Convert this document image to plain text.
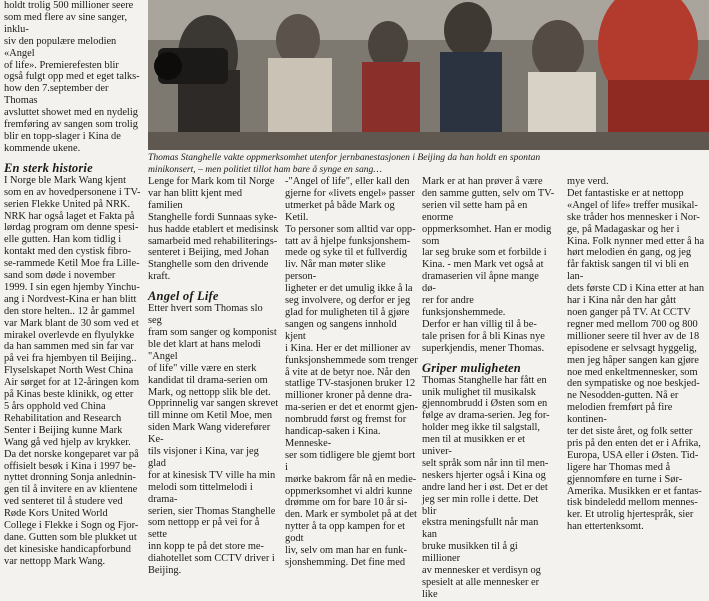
holdt trolig 500 millioner seere

som med flere av sine sanger, inklu-

siv den populære melodien «Angel

of life». Premierefesten blir

også fulgt opp med et eget talks-

how den 7.september der Thomas

avsluttet showet med en nydelig

fremføring av sangen som trolig

blir en topp-slager i Kina de

kommende ukene.

En sterk historie

I Norge ble Mark Wang kjent

som en av hovedpersonene i TV-

serien Flekke United på NRK.

NRK har også laget et Fakta på

lørdag program om denne spesi-

elle gutten. Han kom tidlig i

kontakt med den cystisk fibro-

se-rammede Ketil Moe fra Lille-

sand som døde i november

1999. I sin egen hjemby Yinchu-

ang i Nordvest-Kina er han blitt

den store helten.. 12 år gammel

var Mark blant de 30 som ved et

mirakel overlevde en flyulykke

da han sammen med sin far var

på vei fra hjembyen til Beijing..

Flyselskapet North West China

Air sørget for at 12-åringen kom

på Kinas beste klinikk, og etter

5 års opphold ved China

Rehabilitation and Research

Senter i Beijing kunne Mark

Wang gå ved hjelp av krykker.

Da det norske kongeparet var på

offisielt besøk i Kina i 1997 be-

nyttet dronning Sonja anlednin-

gen til å invitere en av klientene

ved senteret til å studere ved

Røde Kors United World

College i Flekke i Sogn og Fjor-

dane. Gutten som ble plukket ut

det kinesiske handicapforbund

var nettopp Mark Wang.

Thomas Stanghelle vakte oppmerksomhet utenfor jernbanestasjonen i Beijing da han holdt en spontan minikonsert, – men politiet tillot ham bare å synge en sang…

Lenge for Mark kom til Norge

var han blitt kjent med familien

Stanghelle fordi Sunnaas syke-

hus hadde etablert et medisinsk

samarbeid med rehabiliterings-

senteret i Beijing, med Johan

Stanghelle som den drivende

kraft.

Angel of Life

Etter hvert som Thomas slo seg

fram som sanger og komponist

ble det klart at hans melodi "Angel

of life" ville være en sterk

kandidat til drama-serien om

Mark, og nettopp slik ble det.

Opprinnelig var sangen skrevet

till minne om Ketil Moe, men

siden Mark Wang viderefører Ke-

tils visjoner i Kina, var jeg glad

for at kinesisk TV ville ha min

melodi som tittelmelodi i drama-

serien, sier Thomas Stanghelle

som nettopp er på vei for å sette

inn kopp te på det store me-

diahotellet som CCTV driver i

Beijing.

-"Angel of life", eller kall den

gjerne for «livets engel» passer

utmerket på både Mark og Ketil.

To personer som alltid var opp-

tatt av å hjelpe funksjonshem-

mede og syke til et fullverdig

liv. Når man møter slike person-

ligheter er det umulig ikke å la

seg involvere, og derfor er jeg

glad for muligheten til å gjøre

sangen og sangens innhold kjent

i Kina. Her er det millioner av

funksjonshemmede som trenger

å vite at de betyr noe. Når den

statlige TV-stasjonen bruker 12

millioner kroner på denne dra-

ma-serien er det et enormt gjen-

nombrudd først og fremst for

handicap-saken i Kina. Menneske-

ser som tidligere ble gjemt bort i

mørke bakrom får nå en medie-

oppmerksomhet vi aldri kunne

drømme om for bare 10 år si-

den. Mark er symbolet på at det

nytter å ta opp kampen for et godt

liv, selv om man har en funk-

sjonshemming. Det fine med

Mark er at han prøver å være

den samme gutten, selv om TV-

serien vil sette ham på en enorme

oppmerksomhet. Han er modig som

lar seg bruke som et forbilde i

Kina. - men Mark vet også at

dramaserien vil åpne mange dø-

rer for andre funksjonshemmede.

Derfor er han villig til å be-

tale prisen for å bli Kinas nye

superkjendis, mener Thomas.

Griper muligheten

Thomas Stanghelle har fått en

unik mulighet til musikalsk

gjennombrudd i Østen som en

følge av drama-serien. Jeg for-

holder meg ikke til salgstall,

men til at musikken er et univer-

selt språk som når inn til men-

neskers hjerter også i Kina og

andre land her i øst. Det er det

jeg ser min rolle i dette. Det blir

ekstra meningsfullt når man kan

bruke musikken til å gi millioner

av mennesker et verdisyn og

spesielt at alle mennesker er like

mye verd.

Det fantastiske er at nettopp

«Angel of life» treffer musikal-

ske tråder hos mennesker i Nor-

ge, på Madagaskar og her i

Kina. Folk nynner med etter å ha

hørt melodien én gang, og jeg

får faktisk sangen til vi bli en lan-

dets første CD i Kina etter at han

har i Kina når den har gått

noen ganger på TV. At CCTV

regner med mellom 700 og 800

millioner seere til hver av de 18

episodene er selvsagt hyggelig,

men jeg håper sangen kan gjøre

noe med enkeltmennesker, som

den sympatiske og noe beskjed-

ne Nesodden-gutten. Nå er

melodien fremført på fire kontinen-

ter det siste året, og folk setter

pris på den enten det er i Afrika,

Europa, USA eller i Østen. Tid-

ligere har Thomas med å

gjennomføre en turne i Sør-

Amerika. Musikken er et fantas-

tisk bindeledd mellom mennes-

ker. Et utrolig hjertespråk, sier

han ettertenksomt.
